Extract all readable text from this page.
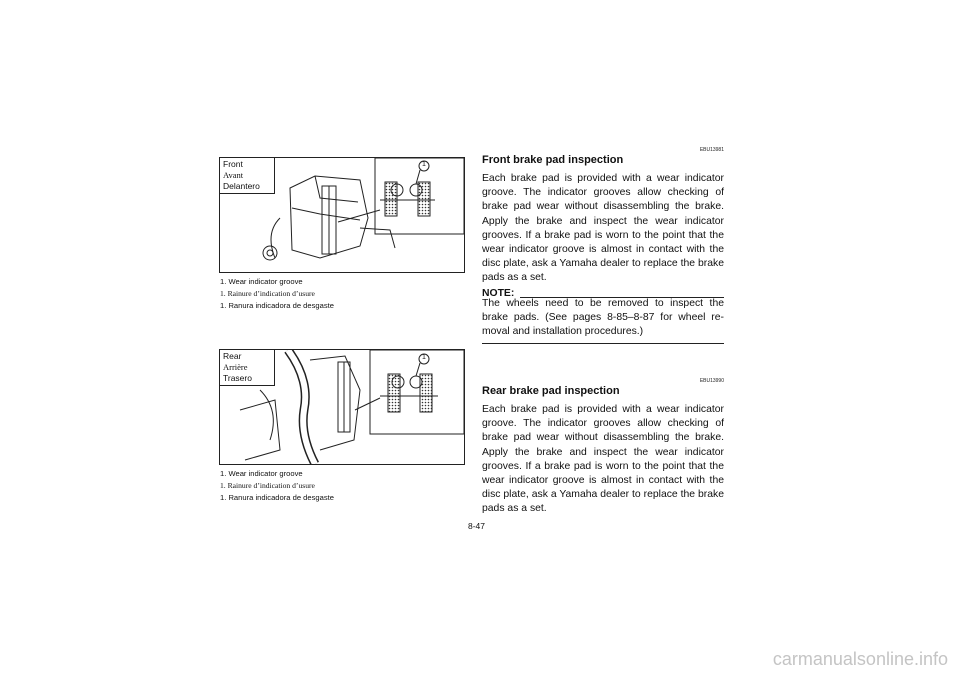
Front
Avant
Delantero
1
1. Wear indicator groove
1. Rainure d’indication d’usure
1. Ranura indicadora de desgaste
Rear
Arrière
Trasero
1
1. Wear indicator groove
1. Rainure d’indication d’usure
1. Ranura indicadora de desgaste
EBU13981
Front brake pad inspection
Each brake pad is provided with a wear indicator groove. The indicator grooves allow checking of brake pad wear without disassembling the brake. Apply the brake and inspect the wear indicator grooves. If a brake pad is worn to the point that the wear indicator groove is almost in contact with the disc plate, ask a Yamaha dealer to replace the brake pads as a set.
NOTE:
The wheels need to be removed to inspect the brake pads. (See pages 8-85–8-87 for wheel re-moval and installation procedures.)
EBU13990
Rear brake pad inspection
Each brake pad is provided with a wear indicator groove. The indicator grooves allow checking of brake pad wear without disassembling the brake. Apply the brake and inspect the wear indicator grooves. If a brake pad is worn to the point that the wear indicator groove is almost in contact with the disc plate, ask a Yamaha dealer to replace the brake pads as a set.
8-47
carmanualsonline.info
